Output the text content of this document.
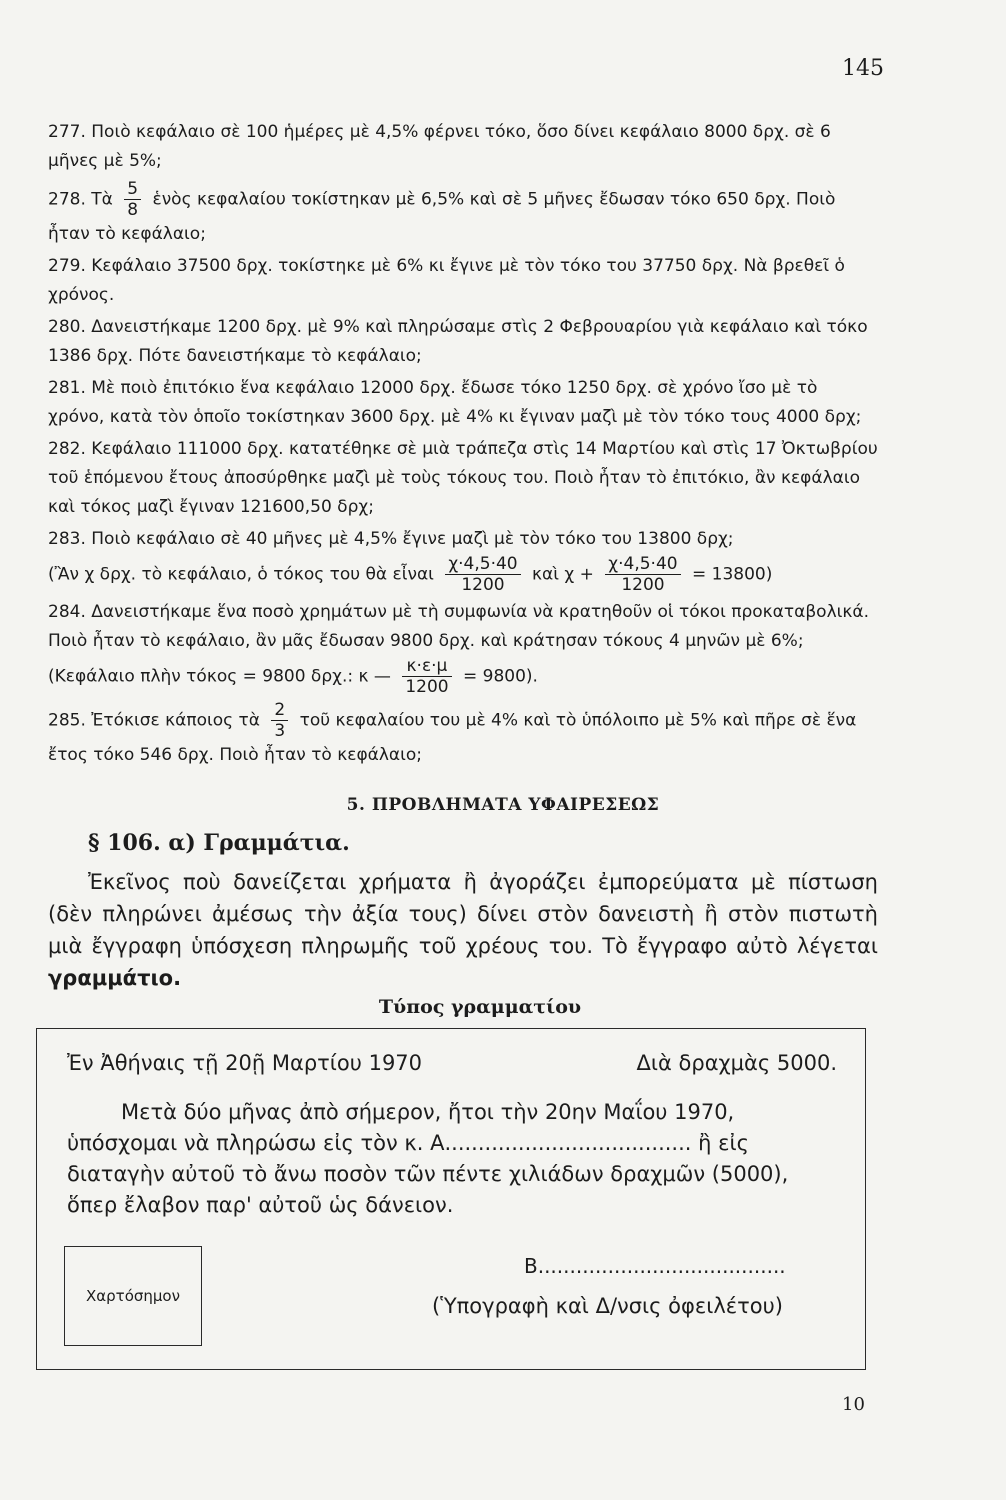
145
277. Ποιὸ κεφάλαιο σὲ 100 ἡμέρες μὲ 4,5% φέρνει τόκο, ὅσο δίνει κεφάλαιο 8000 δρχ. σὲ 6 μῆνες μὲ 5%;
278. Τὰ $\frac{5}{8}$ ἑνὸς κεφαλαίου τοκίστηκαν μὲ 6,5% καὶ σὲ 5 μῆνες ἔδωσαν τόκο 650 δρχ. Ποιὸ ἦταν τὸ κεφάλαιο;
279. Κεφάλαιο 37500 δρχ. τοκίστηκε μὲ 6% κι ἔγινε μὲ τὸν τόκο του 37750 δρχ. Νὰ βρεθεῖ ὁ χρόνος.
280. Δανειστήκαμε 1200 δρχ. μὲ 9% καὶ πληρώσαμε στὶς 2 Φεβρουαρίου γιὰ κεφάλαιο καὶ τόκο 1386 δρχ. Πότε δανειστήκαμε τὸ κεφάλαιο;
281. Μὲ ποιὸ ἐπιτόκιο ἕνα κεφάλαιο 12000 δρχ. ἔδωσε τόκο 1250 δρχ. σὲ χρόνο ἴσο μὲ τὸ χρόνο, κατὰ τὸν ὁποῖο τοκίστηκαν 3600 δρχ. μὲ 4% κι ἔγιναν μαζὶ μὲ τὸν τόκο τους 4000 δρχ;
282. Κεφάλαιο 111000 δρχ. κατατέθηκε σὲ μιὰ τράπεζα στὶς 14 Μαρτίου καὶ στὶς 17 Ὀκτωβρίου τοῦ ἑπόμενου ἔτους ἀποσύρθηκε μαζὶ μὲ τοὺς τόκους του. Ποιὸ ἦταν τὸ ἐπιτόκιο, ἂν κεφάλαιο καὶ τόκος μαζὶ ἔγιναν 121600,50 δρχ;
283. Ποιὸ κεφάλαιο σὲ 40 μῆνες μὲ 4,5% ἔγινε μαζὶ μὲ τὸν τόκο του 13800 δρχ;
(Ἂν χ δρχ. τὸ κεφάλαιο, ὁ τόκος του θὰ εἶναι $\frac{\chi\cdot 4,5\cdot 40}{1200}$ καὶ $\chi + \frac{\chi\cdot 4,5\cdot 40}{1200} = 13800$)
284. Δανειστήκαμε ἕνα ποσὸ χρημάτων μὲ τὴ συμφωνία νὰ κρατηθοῦν οἱ τόκοι προκαταβολικά. Ποιὸ ἦταν τὸ κεφάλαιο, ἂν μᾶς ἔδωσαν 9800 δρχ. καὶ κράτησαν τόκους 4 μηνῶν μὲ 6%; (Κεφάλαιο πλὴν τόκος = 9800 δρχ.: κ — $\frac{\kappa\cdot\varepsilon\cdot\mu}{1200} = 9800$).
285. Ἐτόκισε κάποιος τὰ $\frac{2}{3}$ τοῦ κεφαλαίου του μὲ 4% καὶ τὸ ὑπόλοιπο μὲ 5% καὶ πῆρε σὲ ἕνα ἔτος τόκο 546 δρχ. Ποιὸ ἦταν τὸ κεφάλαιο;
5. ΠΡΟΒΛΗΜΑΤΑ ΥΦΑΙΡΕΣΕΩΣ
§ 106. α) Γραμμάτια.
Ἐκεῖνος ποὺ δανείζεται χρήματα ἢ ἀγοράζει ἐμπορεύματα μὲ πίστωση (δὲν πληρώνει ἀμέσως τὴν ἀξία τους) δίνει στὸν δανειστὴ ἢ στὸν πιστωτὴ μιὰ ἔγγραφη ὑπόσχεση πληρωμῆς τοῦ χρέους του. Τὸ ἔγγραφο αὐτὸ λέγεται γραμμάτιο.
Τύπος γραμματίου
Ἐν Ἀθήναις τῇ 20ῇ Μαρτίου 1970	Διὰ δραχμὰς 5000.
Μετὰ δύο μῆνας ἀπὸ σήμερον, ἤτοι τὴν 20ην Μαΐου 1970, ὑπόσχομαι νὰ πληρώσω εἰς τὸν κ. Α..................................... ἢ εἰς διαταγὴν αὐτοῦ τὸ ἄνω ποσὸν τῶν πέντε χιλιάδων δραχμῶν (5000), ὅπερ ἔλαβον παρ' αὐτοῦ ὡς δάνειον.
Χαρτόσημον
Β.......................................
(Ὑπογραφὴ καὶ Δ/νσις ὀφειλέτου)
10
